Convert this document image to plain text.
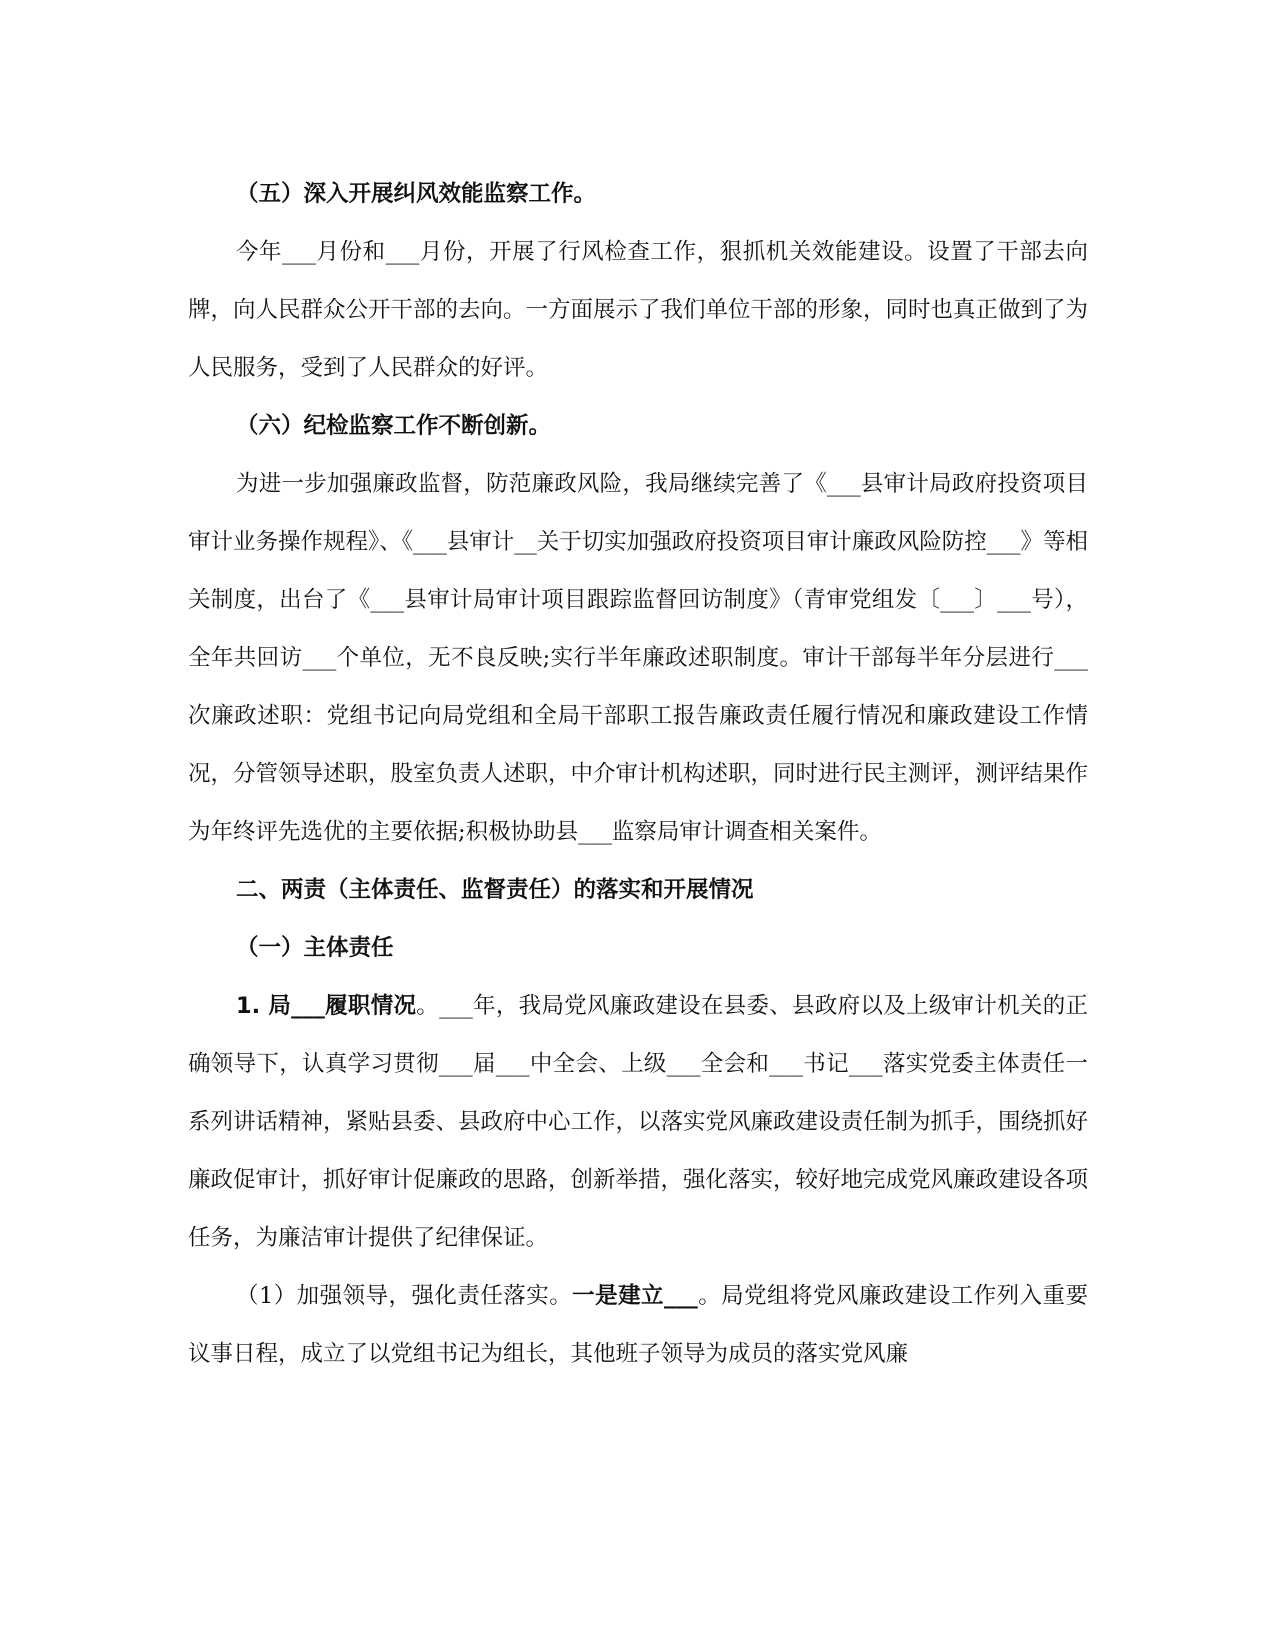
（五）深入开展纠风效能监察工作。

今年___月份和___月份，开展了行风检查工作，狠抓机关效能建设。设置了干部去向牌，向人民群众公开干部的去向。一方面展示了我们单位干部的形象，同时也真正做到了为人民服务，受到了人民群众的好评。

（六）纪检监察工作不断创新。

为进一步加强廉政监督，防范廉政风险，我局继续完善了《___县审计局政府投资项目审计业务操作规程》、《___县审计__关于切实加强政府投资项目审计廉政风险防控___》等相关制度，出台了《___县审计局审计项目跟踪监督回访制度》（青审党组发〔___〕___号），全年共回访___个单位，无不良反映;实行半年廉政述职制度。审计干部每半年分层进行___次廉政述职：党组书记向局党组和全局干部职工报告廉政责任履行情况和廉政建设工作情况，分管领导述职，股室负责人述职，中介审计机构述职，同时进行民主测评，测评结果作为年终评先选优的主要依据;积极协助县___监察局审计调查相关案件。

二、两责（主体责任、监督责任）的落实和开展情况

（一）主体责任

1. 局___履职情况。___年，我局党风廉政建设在县委、县政府以及上级审计机关的正确领导下，认真学习贯彻___届___中全会、上级___全会和___书记___落实党委主体责任一系列讲话精神，紧贴县委、县政府中心工作，以落实党风廉政建设责任制为抓手，围绕抓好廉政促审计，抓好审计促廉政的思路，创新举措，强化落实，较好地完成党风廉政建设各项任务，为廉洁审计提供了纪律保证。

（1）加强领导，强化责任落实。一是建立___。局党组将党风廉政建设工作列入重要议事日程，成立了以党组书记为组长，其他班子领导为成员的落实党风廉
